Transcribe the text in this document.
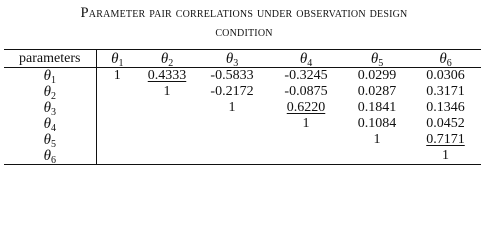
Parameter pair correlations under observation design
condition
parameters	$\theta_1$	$\theta_2$	$\theta_3$	$\theta_4$	$\theta_5$	$\theta_6$
$\theta_1$	1	0.4333	-0.5833	-0.3245	0.0299	0.0306
$\theta_2$		1	-0.2172	-0.0875	0.0287	0.3171
$\theta_3$			1	0.6220	0.1841	0.1346
$\theta_4$				1	0.1084	0.0452
$\theta_5$					1	0.7171
$\theta_6$						1
